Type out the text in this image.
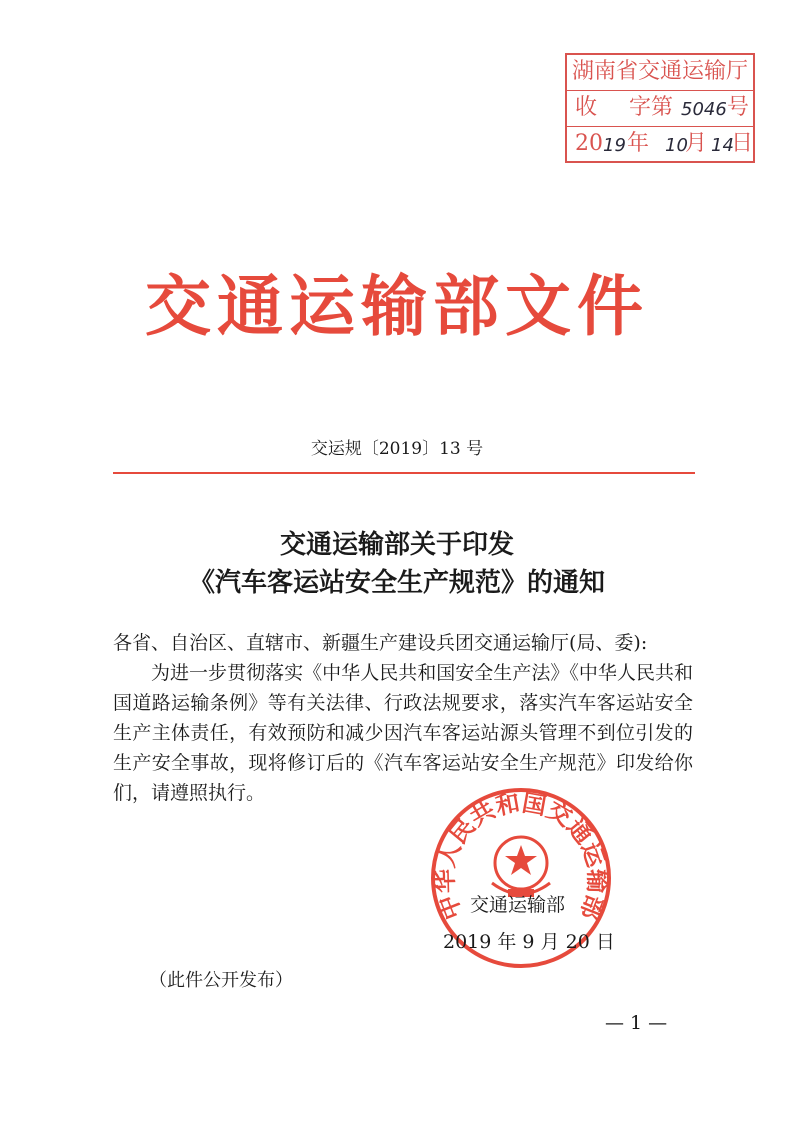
湖南省交通运输厅
收 字第 5046 号
20 19 年 10
月 14
日
交通运输部文件
交运规〔2019〕13 号
交通运输部关于印发
《汽车客运站安全生产规范》的通知
各省、自治区、直辖市、新疆生产建设兵团交通运输厅(局、委):
为进一步贯彻落实《中华人民共和国安全生产法》《中华人民共和国道路运输条例》等有关法律、行政法规要求，落实汽车客运站安全生产主体责任，有效预防和减少因汽车客运站源头管理不到位引发的生产安全事故，现将修订后的《汽车客运站安全生产规范》印发给你们，请遵照执行。
中华人民共和国交通运输部
交通运输部
2019 年 9 月 20 日
（此件公开发布）
— 1 —
